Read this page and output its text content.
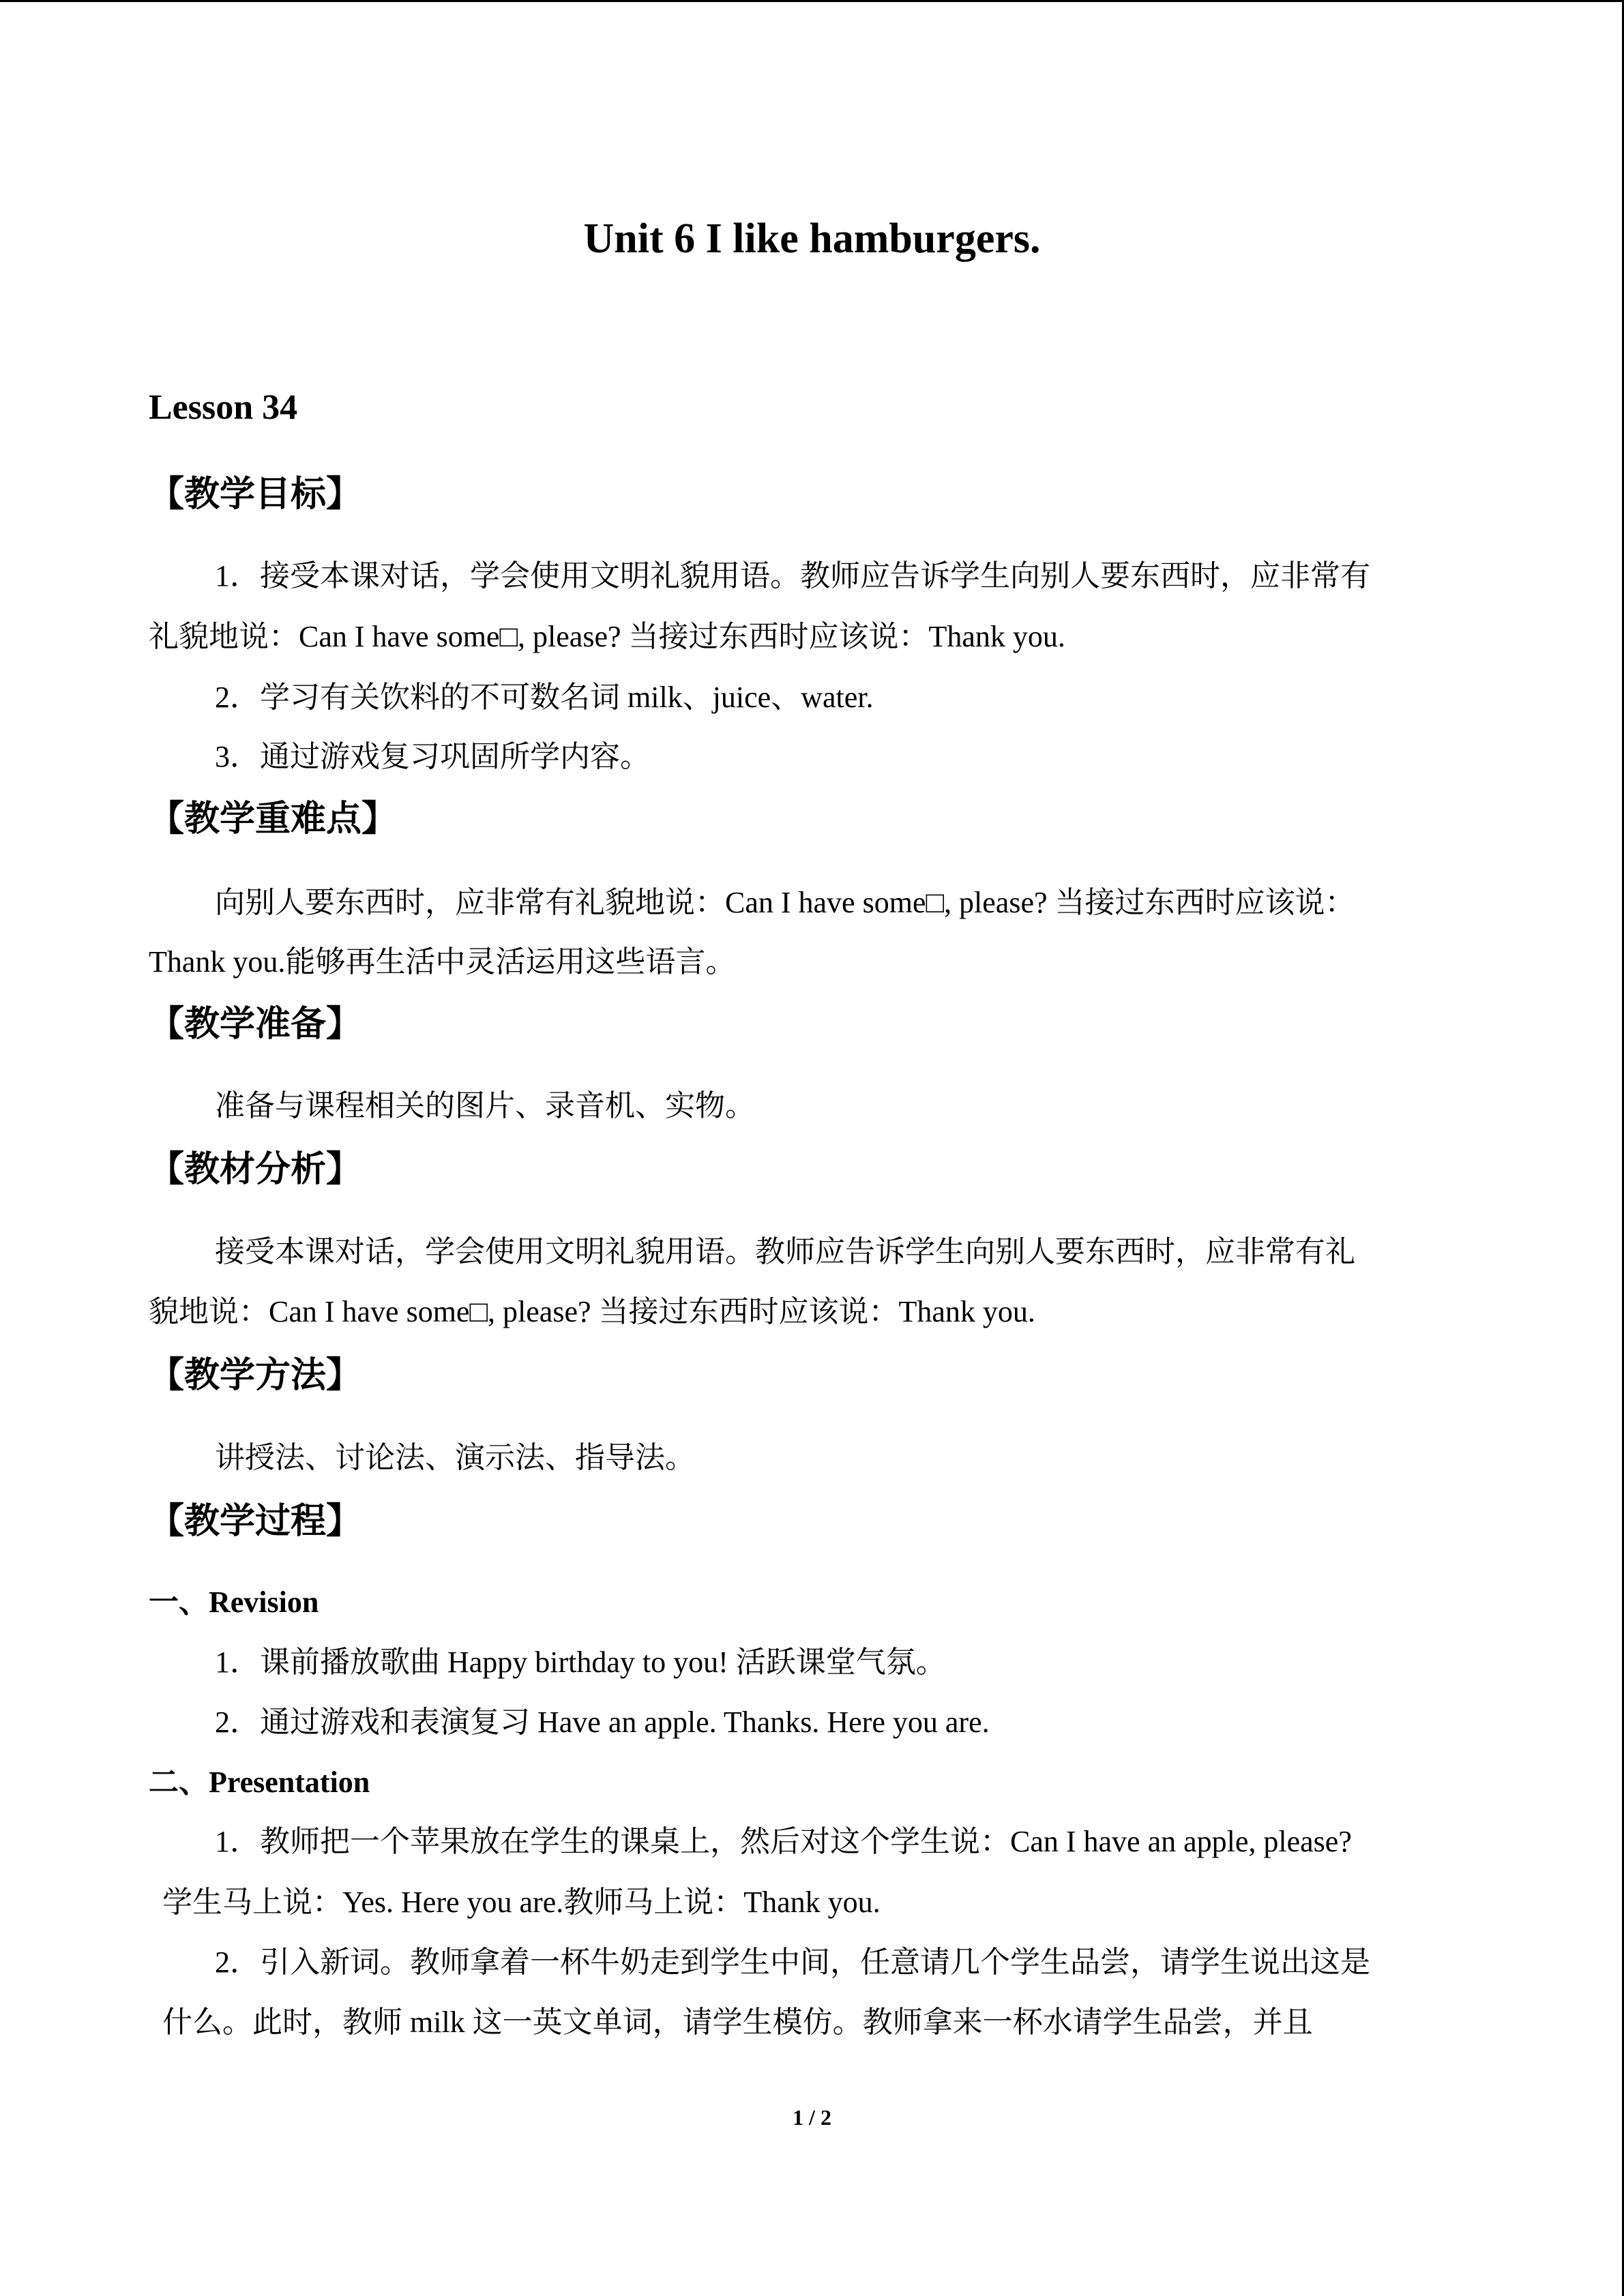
Unit 6 I like hamburgers.
Lesson 34
【教学目标】
1．接受本课对话，学会使用文明礼貌用语。教师应告诉学生向别人要东西时，应非常有
礼貌地说：Can I have some□, please? 当接过东西时应该说：Thank you.
2．学习有关饮料的不可数名词 milk、juice、water.
3．通过游戏复习巩固所学内容。
【教学重难点】
向别人要东西时，应非常有礼貌地说：Can I have some□, please? 当接过东西时应该说：
Thank you.能够再生活中灵活运用这些语言。
【教学准备】
准备与课程相关的图片、录音机、实物。
【教材分析】
接受本课对话，学会使用文明礼貌用语。教师应告诉学生向别人要东西时，应非常有礼
貌地说：Can I have some□, please? 当接过东西时应该说：Thank you.
【教学方法】
讲授法、讨论法、演示法、指导法。
【教学过程】
一、Revision
1．课前播放歌曲 Happy birthday to you! 活跃课堂气氛。
2．通过游戏和表演复习 Have an apple. Thanks. Here you are.
二、Presentation
1．教师把一个苹果放在学生的课桌上，然后对这个学生说：Can I have an apple, please?
学生马上说：Yes. Here you are.教师马上说：Thank you.
2．引入新词。教师拿着一杯牛奶走到学生中间，任意请几个学生品尝，请学生说出这是
什么。此时，教师 milk 这一英文单词，请学生模仿。教师拿来一杯水请学生品尝，并且
1 / 2
